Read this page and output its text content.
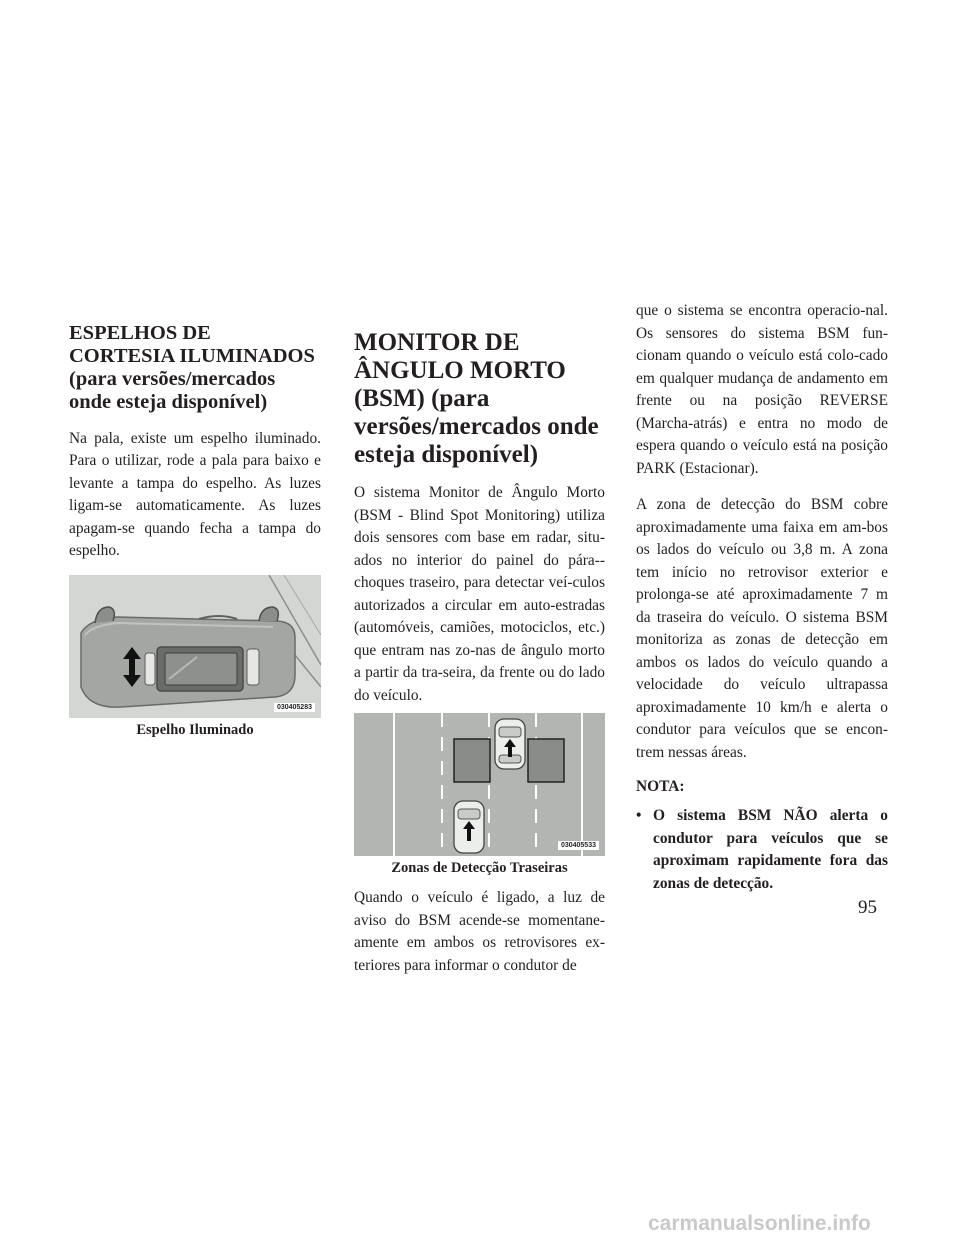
ESPELHOS DE CORTESIA ILUMINADOS (para versões/mercados onde esteja disponível)

Na pala, existe um espelho iluminado. Para o utilizar, rode a pala para baixo e levante a tampa do espelho. As luzes ligam-se automaticamente. As luzes apagam-se quando fecha a tampa do espelho.

030405283
Espelho Iluminado
MONITOR DE ÂNGULO MORTO (BSM) (para versões/mercados onde esteja disponível)

O sistema Monitor de Ângulo Morto (BSM - Blind Spot Monitoring) utiliza dois sensores com base em radar, situ-ados no interior do painel do pára--choques traseiro, para detectar veí-culos autorizados a circular em auto-estradas (automóveis, camiões, motociclos, etc.) que entram nas zo-nas de ângulo morto a partir da tra-seira, da frente ou do lado do veículo.

030405533
Zonas de Detecção Traseiras

Quando o veículo é ligado, a luz de aviso do BSM acende-se momentane-amente em ambos os retrovisores ex-teriores para informar o condutor de

que o sistema se encontra operacio-nal. Os sensores do sistema BSM fun-cionam quando o veículo está colo-cado em qualquer mudança de andamento em frente ou na posição REVERSE (Marcha-atrás) e entra no modo de espera quando o veículo está na posição PARK (Estacionar).

A zona de detecção do BSM cobre aproximadamente uma faixa em am-bos os lados do veículo ou 3,8 m. A zona tem início no retrovisor exterior e prolonga-se até aproximadamente 7 m da traseira do veículo. O sistema BSM monitoriza as zonas de detecção em ambos os lados do veículo quando a velocidade do veículo ultrapassa aproximadamente 10 km/h e alerta o condutor para veículos que se encon-trem nessas áreas.

NOTA:
• O sistema BSM NÃO alerta o condutor para veículos que se aproximam rapidamente fora das zonas de detecção.
95
carmanualsonline.info
